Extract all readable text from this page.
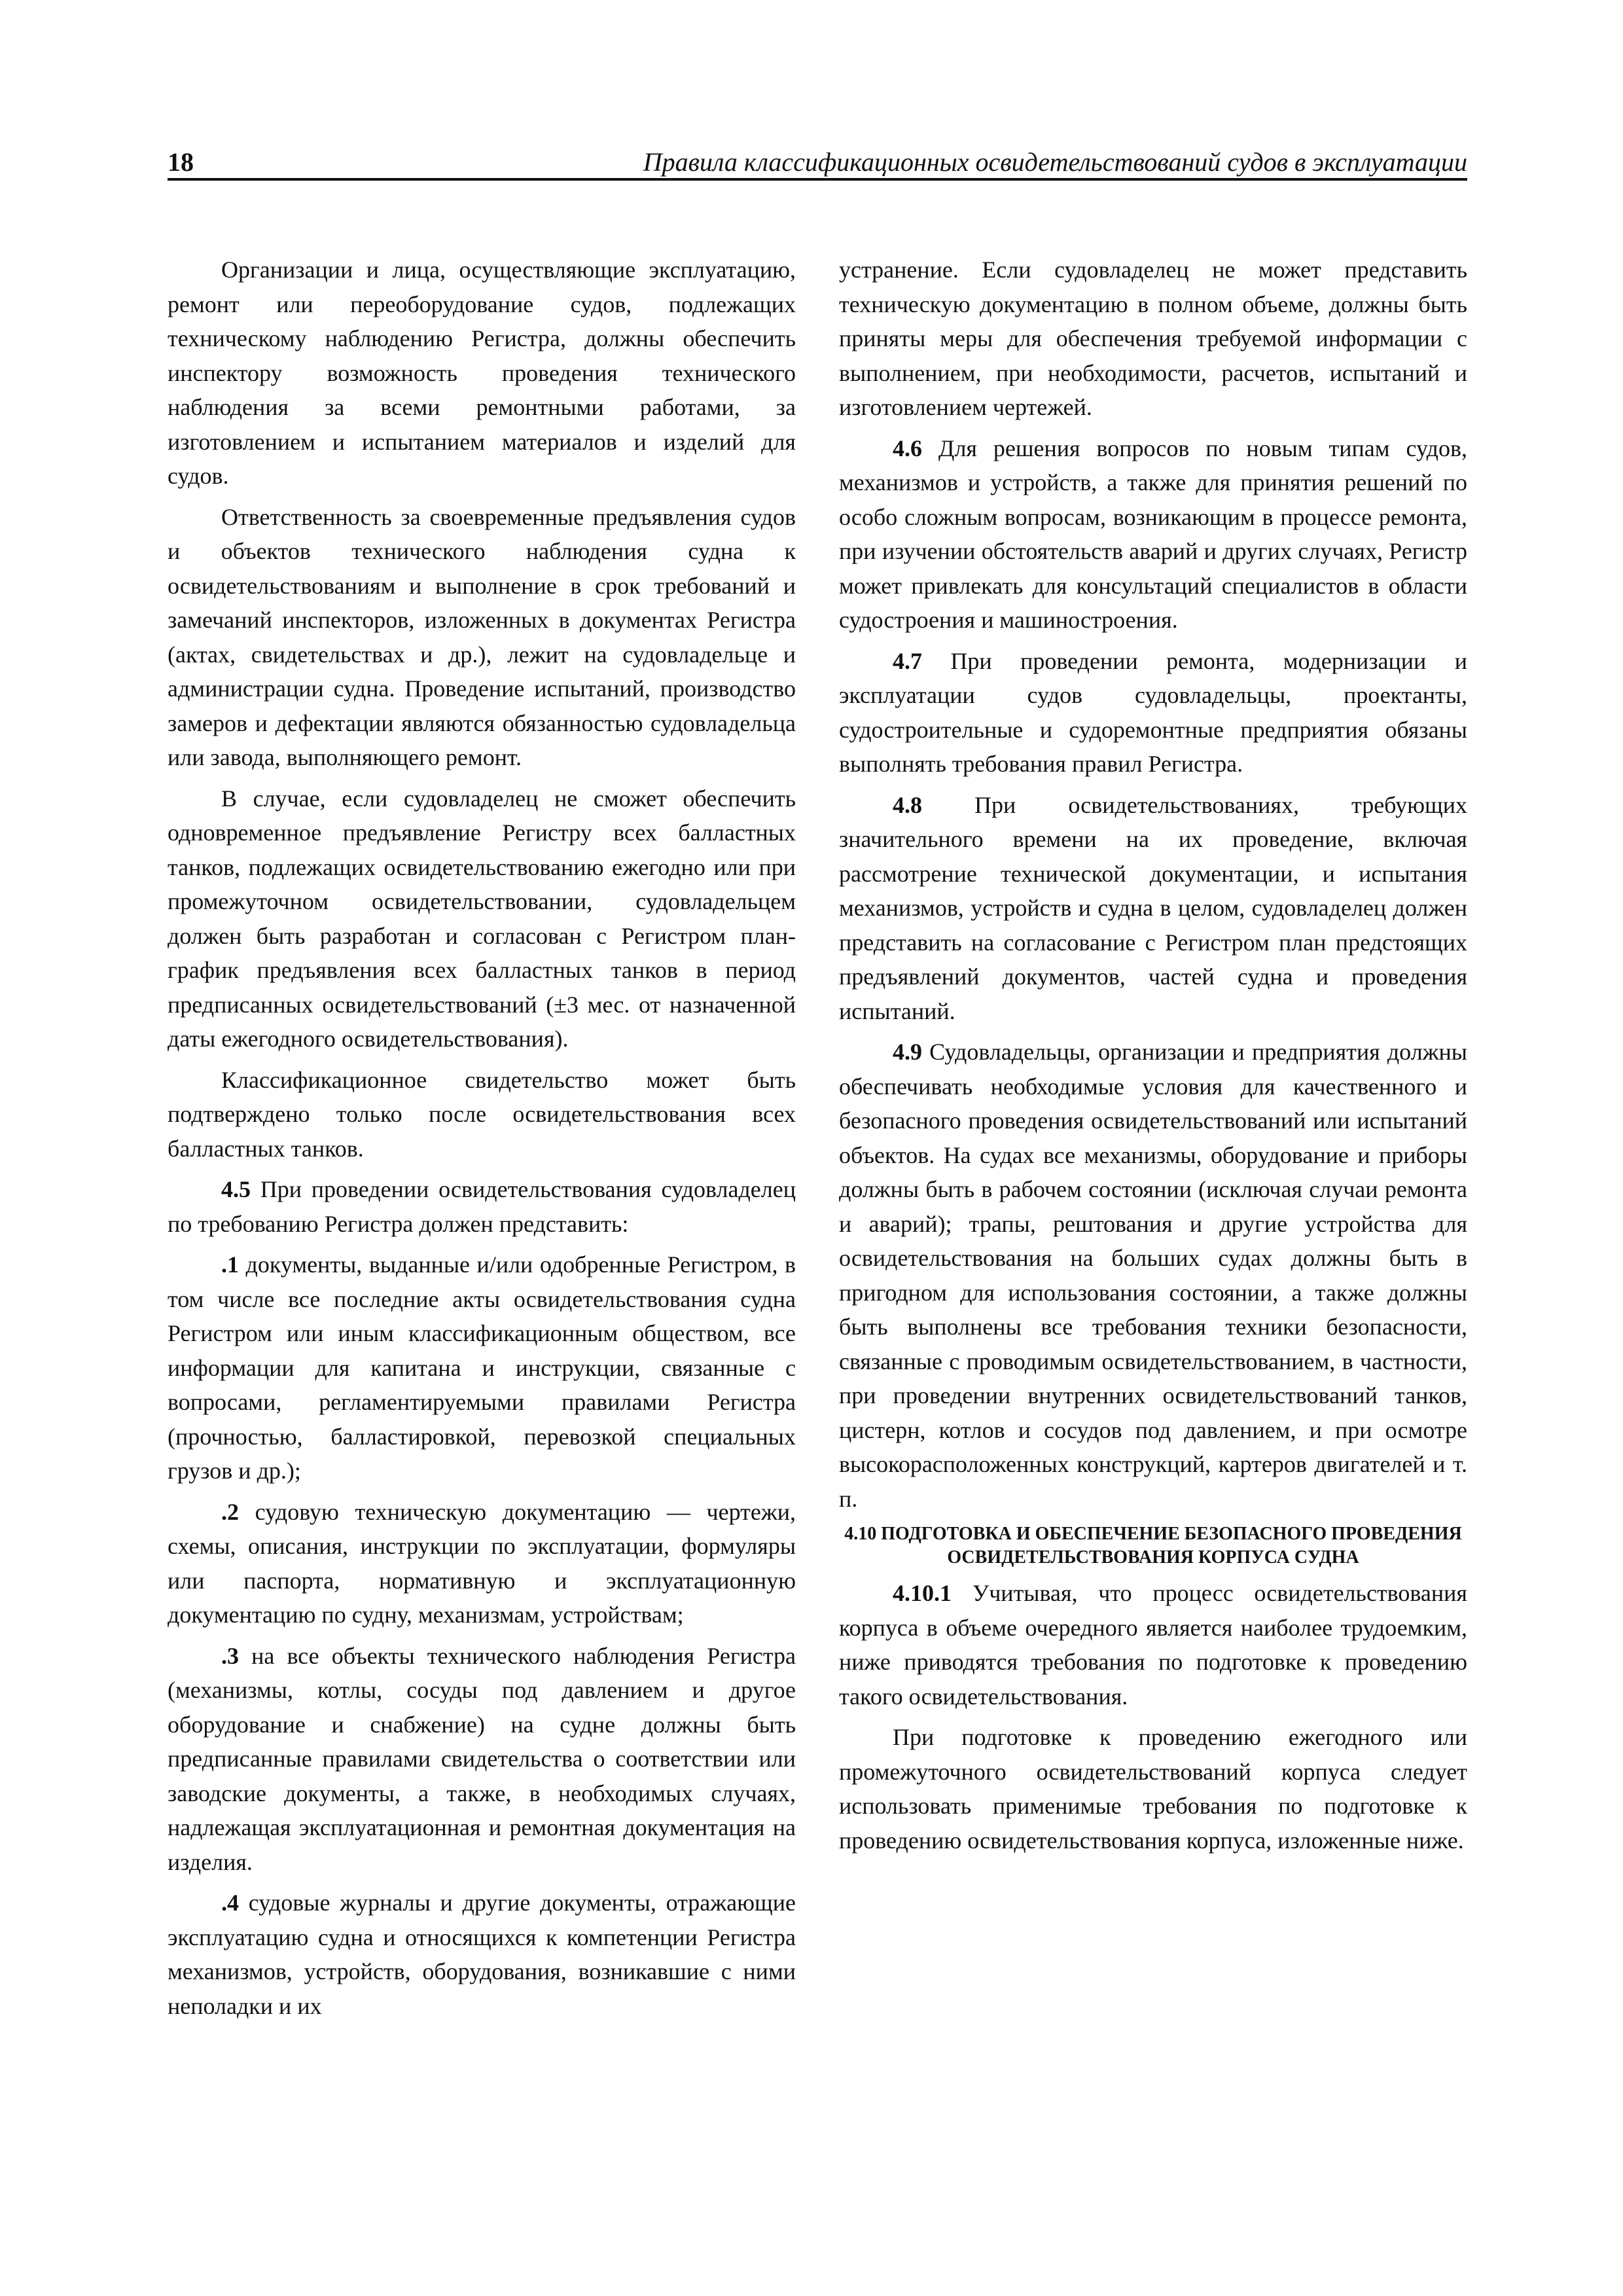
18	Правила классификационных освидетельствований судов в эксплуатации

Организации и лица, осуществляющие эксплуатацию, ремонт или переоборудование судов, подлежащих техническому наблюдению Регистра, должны обеспечить инспектору возможность проведения технического наблюдения за всеми ремонтными работами, за изготовлением и испытанием материалов и изделий для судов.

Ответственность за своевременные предъявления судов и объектов технического наблюдения судна к освидетельствованиям и выполнение в срок требований и замечаний инспекторов, изложенных в документах Регистра (актах, свидетельствах и др.), лежит на судовладельце и администрации судна. Проведение испытаний, производство замеров и дефектации являются обязанностью судовладельца или завода, выполняющего ремонт.

В случае, если судовладелец не сможет обеспечить одновременное предъявление Регистру всех балластных танков, подлежащих освидетельствованию ежегодно или при промежуточном освидетельствовании, судовладельцем должен быть разработан и согласован с Регистром план-график предъявления всех балластных танков в период предписанных освидетельствований (±3 мес. от назначенной даты ежегодного освидетельствования).

Классификационное свидетельство может быть подтверждено только после освидетельствования всех балластных танков.

4.5 При проведении освидетельствования судовладелец по требованию Регистра должен представить:

.1 документы, выданные и/или одобренные Регистром, в том числе все последние акты освидетельствования судна Регистром или иным классификационным обществом, все информации для капитана и инструкции, связанные с вопросами, регламентируемыми правилами Регистра (прочностью, балластировкой, перевозкой специальных грузов и др.);

.2 судовую техническую документацию — чертежи, схемы, описания, инструкции по эксплуатации, формуляры или паспорта, нормативную и эксплуатационную документацию по судну, механизмам, устройствам;

.3 на все объекты технического наблюдения Регистра (механизмы, котлы, сосуды под давлением и другое оборудование и снабжение) на судне должны быть предписанные правилами свидетельства о соответствии или заводские документы, а также, в необходимых случаях, надлежащая эксплуатационная и ремонтная документация на изделия.

.4 судовые журналы и другие документы, отражающие эксплуатацию судна и относящихся к компетенции Регистра механизмов, устройств, оборудования, возникавшие с ними неполадки и их

устранение. Если судовладелец не может представить техническую документацию в полном объеме, должны быть приняты меры для обеспечения требуемой информации с выполнением, при необходимости, расчетов, испытаний и изготовлением чертежей.

4.6 Для решения вопросов по новым типам судов, механизмов и устройств, а также для принятия решений по особо сложным вопросам, возникающим в процессе ремонта, при изучении обстоятельств аварий и других случаях, Регистр может привлекать для консультаций специалистов в области судостроения и машиностроения.

4.7 При проведении ремонта, модернизации и эксплуатации судов судовладельцы, проектанты, судостроительные и судоремонтные предприятия обязаны выполнять требования правил Регистра.

4.8 При освидетельствованиях, требующих значительного времени на их проведение, включая рассмотрение технической документации, и испытания механизмов, устройств и судна в целом, судовладелец должен представить на согласование с Регистром план предстоящих предъявлений документов, частей судна и проведения испытаний.

4.9 Судовладельцы, организации и предприятия должны обеспечивать необходимые условия для качественного и безопасного проведения освидетельствований или испытаний объектов. На судах все механизмы, оборудование и приборы должны быть в рабочем состоянии (исключая случаи ремонта и аварий); трапы, рештования и другие устройства для освидетельствования на больших судах должны быть в пригодном для использования состоянии, а также должны быть выполнены все требования техники безопасности, связанные с проводимым освидетельствованием, в частности, при проведении внутренних освидетельствований танков, цистерн, котлов и сосудов под давлением, и при осмотре высокорасположенных конструкций, картеров двигателей и т. п.

4.10 ПОДГОТОВКА И ОБЕСПЕЧЕНИЕ БЕЗОПАСНОГО ПРОВЕДЕНИЯ ОСВИДЕТЕЛЬСТВОВАНИЯ КОРПУСА СУДНА

4.10.1 Учитывая, что процесс освидетельствования корпуса в объеме очередного является наиболее трудоемким, ниже приводятся требования по подготовке к проведению такого освидетельствования.

При подготовке к проведению ежегодного или промежуточного освидетельствований корпуса следует использовать применимые требования по подготовке к проведению освидетельствования корпуса, изложенные ниже.
